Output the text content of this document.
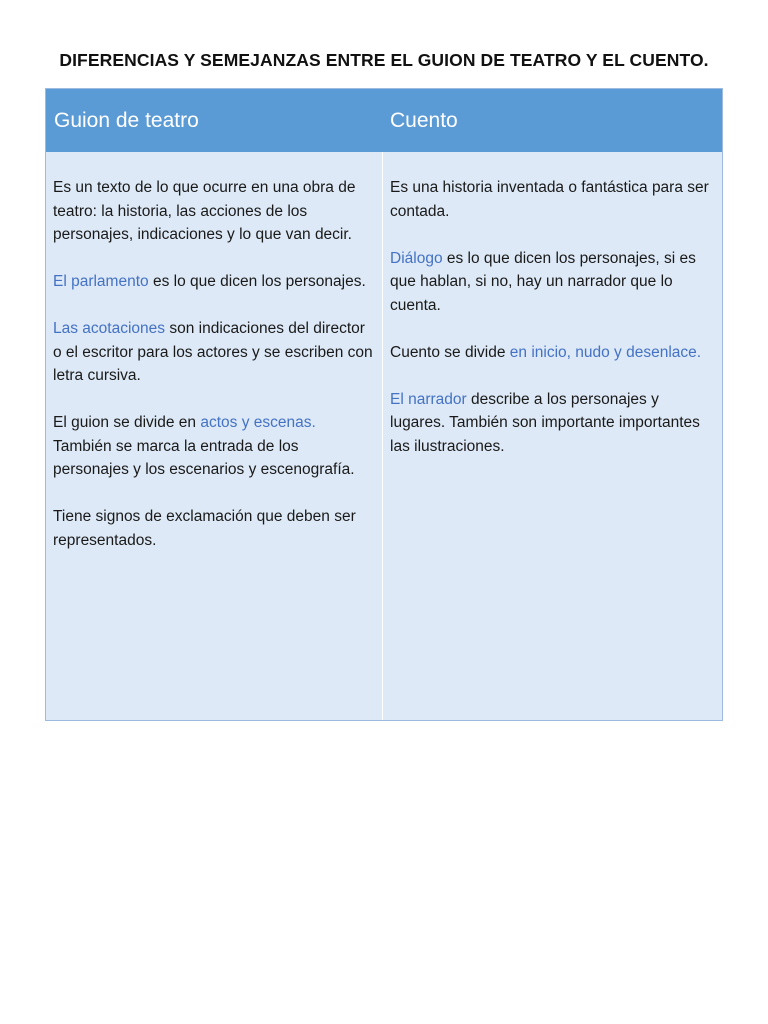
DIFERENCIAS Y SEMEJANZAS ENTRE EL GUION DE TEATRO Y EL CUENTO.
Guion de teatro	Cuento

Es un texto de lo que ocurre en una obra de teatro: la historia, las acciones de los personajes, indicaciones y lo que van decir.

El parlamento es lo que dicen los personajes.

Las acotaciones son indicaciones del director o el escritor para los actores y se escriben con letra cursiva.

El guion se divide en actos y escenas. También se marca la entrada de los personajes y los escenarios y escenografía.

Tiene signos de exclamación que deben ser representados.

Es una historia inventada o fantástica para ser contada.

Diálogo es lo que dicen los personajes, si es que hablan, si no, hay un narrador que lo cuenta.

Cuento se divide en inicio, nudo y desenlace.

El narrador describe a los personajes y lugares. También son importante importantes las ilustraciones.
